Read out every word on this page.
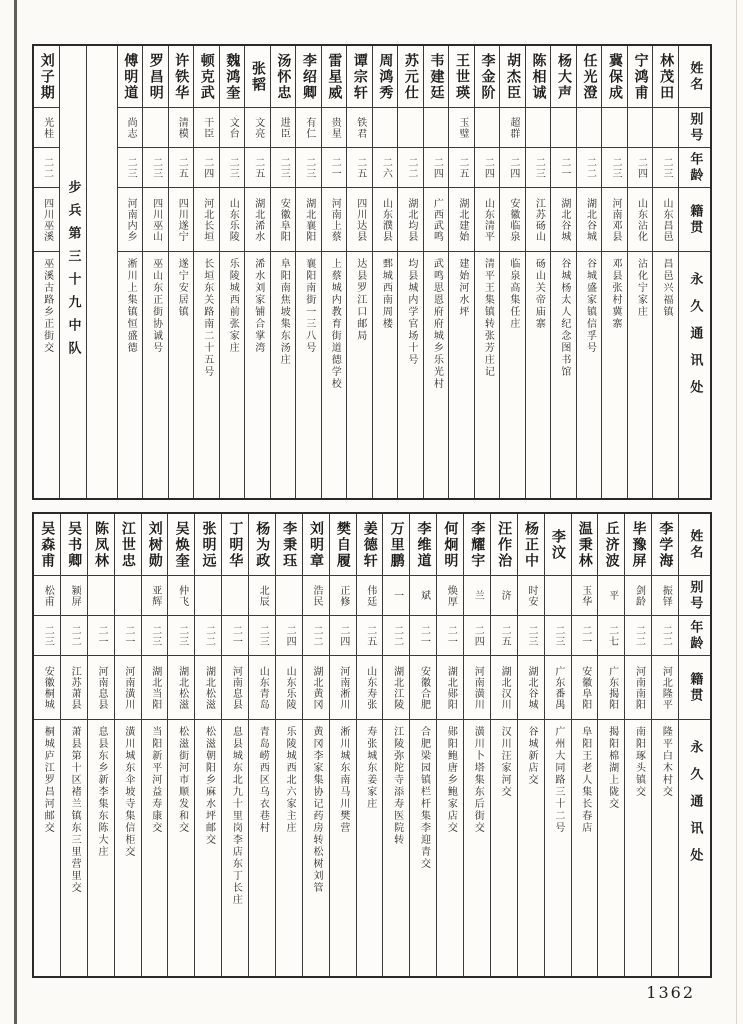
姓名
别号
年龄
籍贯
永久通讯处
林茂田
二三
山东昌邑
昌邑兴福镇
宁鸿甫
二四
山东沾化
沾化宁家庄
冀保成
二三
河南邓县
邓县张村冀寨
任光澄
二二
湖北谷城
谷城盛家镇信孚号
杨大声
二一
湖北谷城
谷城杨太人纪念图书馆
陈相诚
二三
江苏砀山
砀山关帝庙寨
胡杰臣
超群
二四
安徽临泉
临泉高集任庄
李金阶
二四
山东清平
清平王集镇转张芳庄记
王世瑛
玉璧
二五
湖北建始
建始河水坪
韦建廷
二四
广西武鸣
武鸣思恩府府城乡乐光村
苏元仕
二二
湖北均县
均县城内学官场十号
周鸿秀
二六
山东濮县
鄄城西南周楼
谭宗轩
铁君
二五
四川达县
达县罗江口邮局
雷星威
贵星
二一
河南上蔡
上蔡城内教育街道德学校
李绍卿
有仁
二三
湖北襄阳
襄阳南街一三八号
汤怀忠
进臣
二三
安徽阜阳
阜阳南焦坡集东汤庄
张韬
文亮
二五
湖北浠水
浠水刘家铺合掌湾
魏鸿奎
文台
二三
山东乐陵
乐陵城西前张家庄
顿克武
干臣
二四
河北长垣
长垣东关路南二十五号
许铁华
清模
二五
四川遂宁
遂宁安居镇
罗昌明
二三
四川巫山
巫山东正街协诚号
傅明道
尚志
二三
河南内乡
淅川上集镇恒盛德
步兵第三十九中队
刘子期
光桂
二二
四川巫溪
巫溪古路乡正街交
姓名
别号
年龄
籍贯
永久通讯处
李学海
振铎
二二
河北隆平
隆平白木村交
毕豫屏
剑龄
二二
河南南阳
南阳琢头镇交
丘济波
平
二七
广东揭阳
揭阳棉湖上陇交
温秉林
玉华
二一
安徽阜阳
阜阳王老人集长春店
李汶
二三
广东番禺
广州大同路三十二号
杨正中
时安
二三
湖北谷城
谷城新店交
汪作治
济
二五
湖北汉川
汉川汪家河交
李耀宇
兰
二四
河南潢川
潢川卜塔集东后街交
何炯明
焕厚
二一
湖北郧阳
郧阳鲍唐乡鲍家店交
李维道
斌
二一
安徽合肥
合肥梁园镇栏杆集李迎青交
万里鹏
一
二二
湖北江陵
江陵弥陀寺添寿医院转
姜德轩
伟廷
二五
山东寿张
寿张城东姜家庄
樊自履
正修
二四
河南淅川
淅川城东南马川樊营
刘明章
浩民
二二
湖北黄冈
黄冈李家集协记药房转松树刘管
李秉珏
二四
山东乐陵
乐陵城西北六家主庄
杨为政
北辰
二三
山东青岛
青岛崂西区乌衣巷村
丁明华
二一
河南息县
息县城东北九十里岗李店东丁长庄
张明远
二二
湖北松滋
松滋朝阳乡麻水坪邮交
吴焕奎
仲飞
二三
湖北松滋
松滋街河市顺发和交
刘树勋
亚辉
二三
湖北当阳
当阳新平河益寿康交
江世忠
二一
河南潢川
潢川城东伞坡寺集信柜交
陈凤林
二一
河南息县
息县东乡新李集东陈大庄
吴书卿
颍屏
二二
江苏萧县
萧县第十区褚兰镇东三里营里交
吴森甫
松甫
二三
安徽桐城
桐城庐江罗昌河邮交
1362
